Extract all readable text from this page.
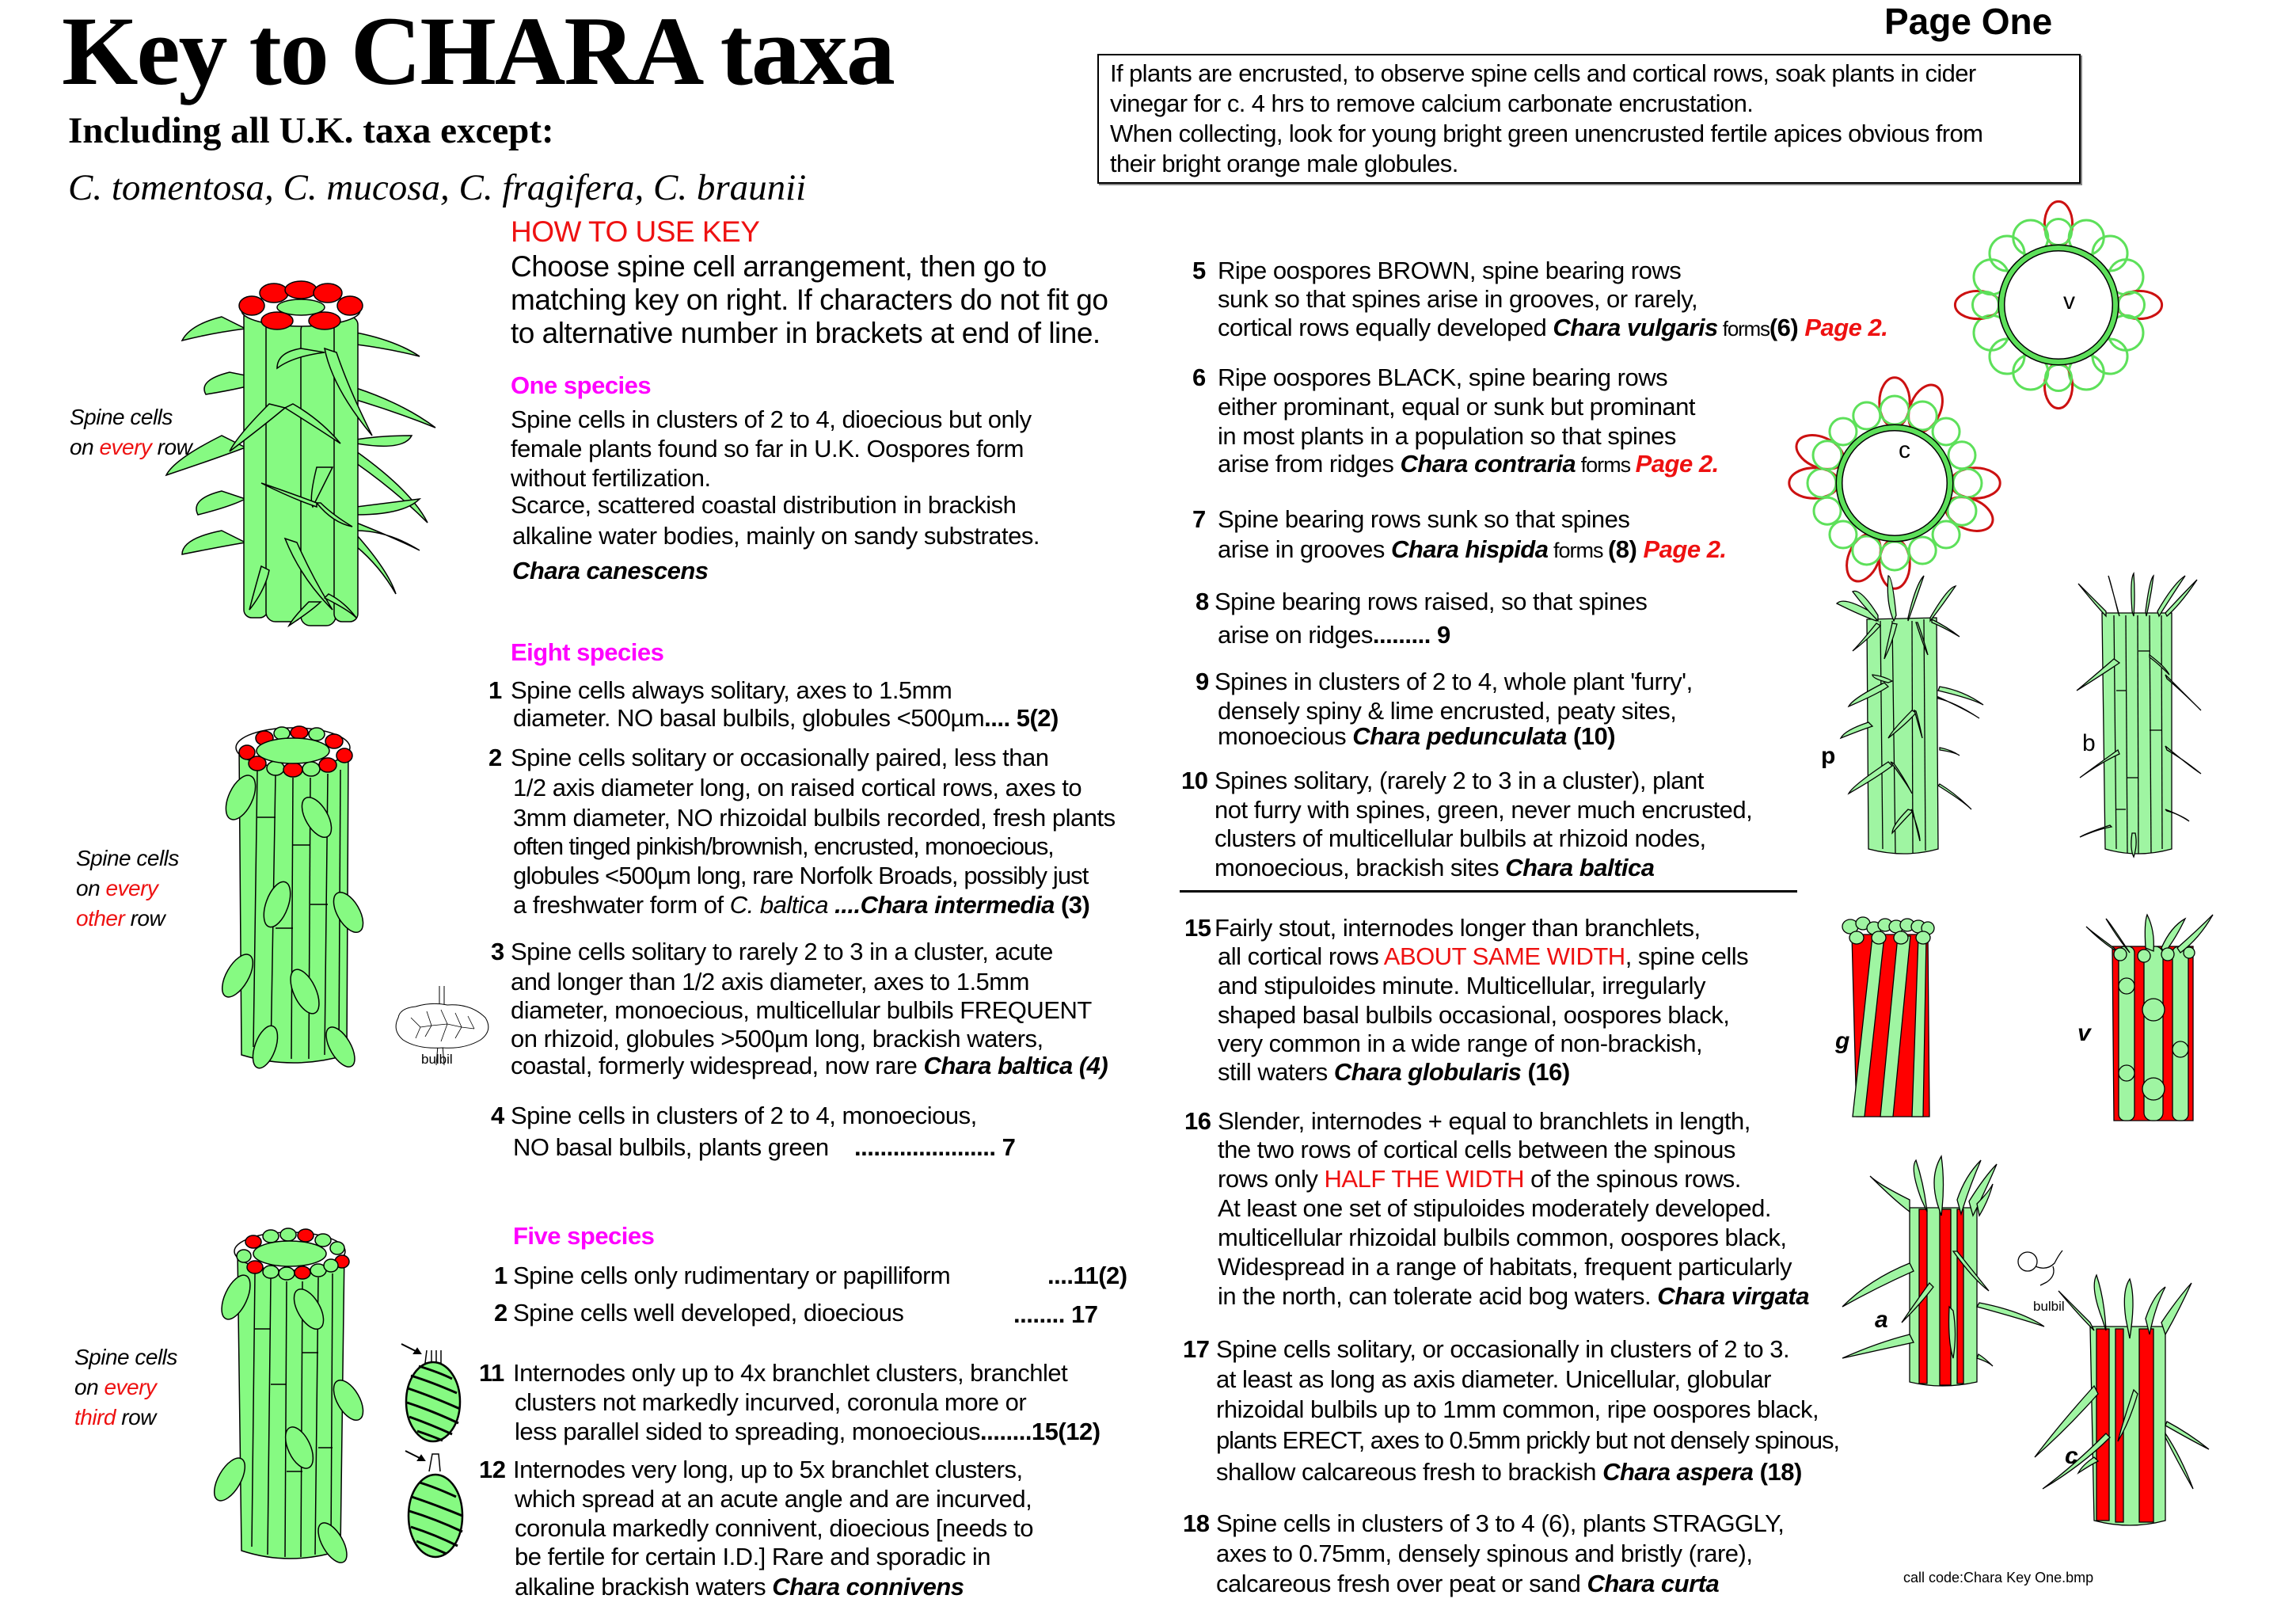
Key to CHARA taxa
Including all U.K. taxa except:
C. tomentosa, C. mucosa, C. fragifera, C. braunii
Page One
If plants are encrusted, to observe spine cells and cortical rows, soak plants in cider
vinegar for c. 4 hrs to remove calcium carbonate encrustation.
When collecting, look for young bright green unencrusted fertile apices obvious from
their bright orange male globules.
HOW TO USE KEY
Choose spine cell arrangement, then go to
matching key on right. If characters do not fit go
to alternative number in brackets at end of line.
One species
Spine cells in clusters of 2 to 4, dioecious but only
female plants found so far in U.K. Oospores form
without fertilization.
Scarce, scattered coastal distribution in brackish
alkaline water bodies, mainly on sandy substrates.
Chara canescens
Eight species
1 Spine cells always solitary, axes to 1.5mm
diameter. NO basal bulbils, globules <500µm.... 5(2)
2 Spine cells solitary or occasionally paired, less than
1/2 axis diameter long, on raised cortical rows, axes to
3mm diameter, NO rhizoidal bulbils recorded, fresh plants
often tinged pinkish/brownish, encrusted, monoecious,
globules <500µm long, rare Norfolk Broads, possibly just
a freshwater form of C. baltica ....Chara intermedia (3)
3 Spine cells solitary to rarely 2 to 3 in a cluster, acute
and longer than 1/2 axis diameter, axes to 1.5mm
diameter, monoecious, multicellular bulbils FREQUENT
on rhizoid, globules >500µm long, brackish waters,
coastal, formerly widespread, now rare Chara baltica (4)
4 Spine cells in clusters of 2 to 4, monoecious,
NO basal bulbils, plants green ...................... 7
Five species
1 Spine cells only rudimentary or papilliform	....11(2)
2 Spine cells well developed, dioecious	........ 17
11 Internodes only up to 4x branchlet clusters, branchlet
clusters not markedly incurved, coronula more or
less parallel sided to spreading, monoecious........15(12)
12 Internodes very long, up to 5x branchlet clusters,
which spread at an acute angle and are incurved,
coronula markedly connivent, dioecious [needs to
be fertile for certain I.D.] Rare and sporadic in
alkaline brackish waters Chara connivens
5 Ripe oospores BROWN, spine bearing rows
sunk so that spines arise in grooves, or rarely,
cortical rows equally developed Chara vulgaris forms(6) Page 2.
6 Ripe oospores BLACK, spine bearing rows
either prominant, equal or sunk but prominant
in most plants in a population so that spines
arise from ridges Chara contraria forms Page 2.
7 Spine bearing rows sunk so that spines
arise in grooves Chara hispida forms (8) Page 2.
8 Spine bearing rows raised, so that spines
arise on ridges......... 9
9 Spines in clusters of 2 to 4, whole plant 'furry',
densely spiny & lime encrusted, peaty sites,
monoecious Chara pedunculata (10)
10 Spines solitary, (rarely 2 to 3 in a cluster), plant
not furry with spines, green, never much encrusted,
clusters of multicellular bulbils at rhizoid nodes,
monoecious, brackish sites Chara baltica
15 Fairly stout, internodes longer than branchlets,
all cortical rows ABOUT SAME WIDTH, spine cells
and stipuloides minute. Multicellular, irregularly
shaped basal bulbils occasional, oospores black,
very common in a wide range of non-brackish,
still waters Chara globularis (16)
16 Slender, internodes + equal to branchlets in length,
the two rows of cortical cells between the spinous
rows only HALF THE WIDTH of the spinous rows.
At least one set of stipuloides moderately developed.
multicellular rhizoidal bulbils common, oospores black,
Widespread in a range of habitats, frequent particularly
in the north, can tolerate acid bog waters. Chara virgata
17 Spine cells solitary, or occasionally in clusters of 2 to 3.
at least as long as axis diameter. Unicellular, globular
rhizoidal bulbils up to 1mm common, ripe oospores black,
plants ERECT, axes to 0.5mm prickly but not densely spinous,
shallow calcareous fresh to brackish Chara aspera (18)
18 Spine cells in clusters of 3 to 4 (6), plants STRAGGLY,
axes to 0.75mm, densely spinous and bristly (rare),
calcareous fresh over peat or sand Chara curta	call code:Chara Key One.bmp
Spine cells
on every row
Spine cells
on every
other row
Spine cells
on every
third row
bulbil
v
c
p	b
g	v
a
bulbil
c
